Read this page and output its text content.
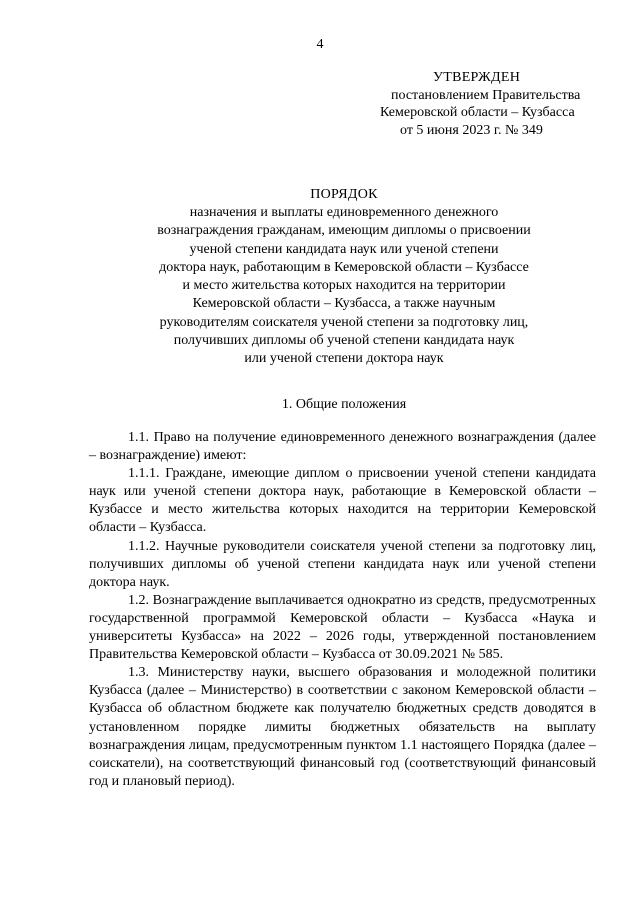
4
УТВЕРЖДЕН
постановлением Правительства
Кемеровской области – Кузбасса
от 5 июня 2023 г. № 349
ПОРЯДОК
назначения и выплаты единовременного денежного
вознаграждения гражданам, имеющим дипломы о присвоении
ученой степени кандидата наук или ученой степени
доктора наук, работающим в Кемеровской области – Кузбассе
и место жительства которых находится на территории
Кемеровской области – Кузбасса, а также научным
руководителям соискателя ученой степени за подготовку лиц,
получивших дипломы об ученой степени кандидата наук
или ученой степени доктора наук
1. Общие положения
1.1. Право на получение единовременного денежного вознаграждения (далее – вознаграждение) имеют:
1.1.1. Граждане, имеющие диплом о присвоении ученой степени кандидата наук или ученой степени доктора наук, работающие в Кемеровской области – Кузбассе и место жительства которых находится на территории Кемеровской области – Кузбасса.
1.1.2. Научные руководители соискателя ученой степени за подготовку лиц, получивших дипломы об ученой степени кандидата наук или ученой степени доктора наук.
1.2. Вознаграждение выплачивается однократно из средств, предусмотренных государственной программой Кемеровской области – Кузбасса «Наука и университеты Кузбасса» на 2022 – 2026 годы, утвержденной постановлением Правительства Кемеровской области – Кузбасса от 30.09.2021 № 585.
1.3. Министерству науки, высшего образования и молодежной политики Кузбасса (далее – Министерство) в соответствии с законом Кемеровской области – Кузбасса об областном бюджете как получателю бюджетных средств доводятся в установленном порядке лимиты бюджетных обязательств на выплату вознаграждения лицам, предусмотренным пунктом 1.1 настоящего Порядка (далее – соискатели), на соответствующий финансовый год (соответствующий финансовый год и плановый период).
